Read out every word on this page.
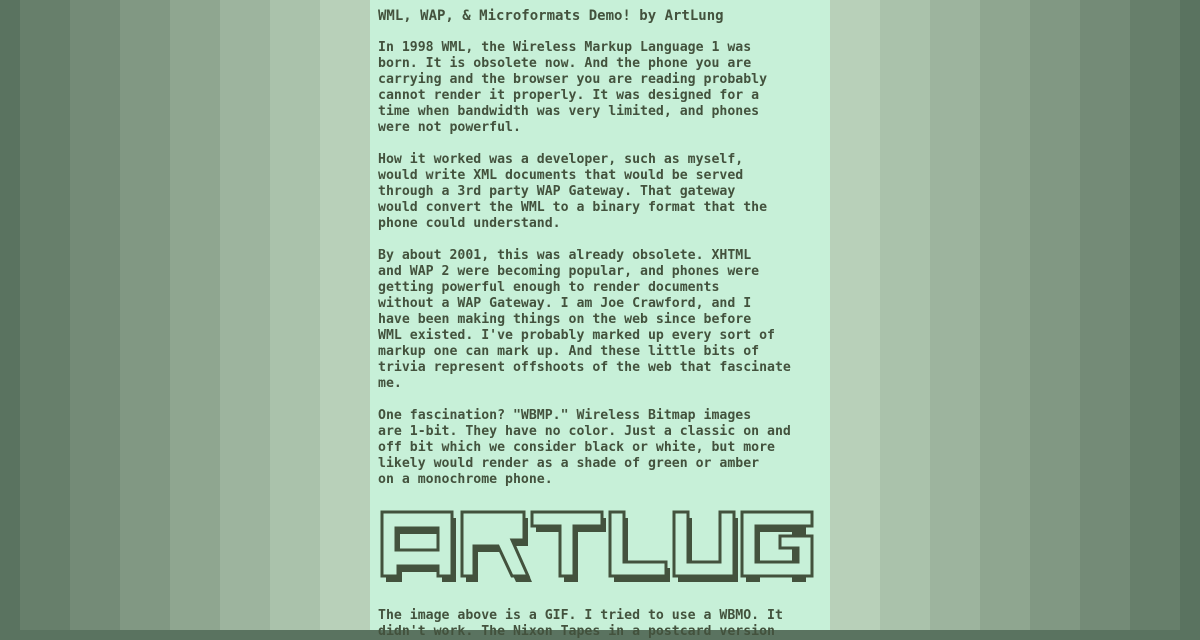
WML, WAP, & Microformats Demo! by ArtLung

In 1998 WML, the Wireless Markup Language 1 was
born. It is obsolete now. And the phone you are
carrying and the browser you are reading probably
cannot render it properly. It was designed for a
time when bandwidth was very limited, and phones
were not powerful.

How it worked was a developer, such as myself,
would write XML documents that would be served
through a 3rd party WAP Gateway. That gateway
would convert the WML to a binary format that the
phone could understand.

By about 2001, this was already obsolete. XHTML
and WAP 2 were becoming popular, and phones were
getting powerful enough to render documents
without a WAP Gateway. I am Joe Crawford, and I
have been making things on the web since before
WML existed. I've probably marked up every sort of
markup one can mark up. And these little bits of
trivia represent offshoots of the web that fascinate
me.

One fascination? "WBMP." Wireless Bitmap images
are 1-bit. They have no color. Just a classic on and
off bit which we consider black or white, but more
likely would render as a shade of green or amber
on a monochrome phone.

The image above is a GIF. I tried to use a WBMO. It
didn't work. The Nixon Tapes in a postcard version
